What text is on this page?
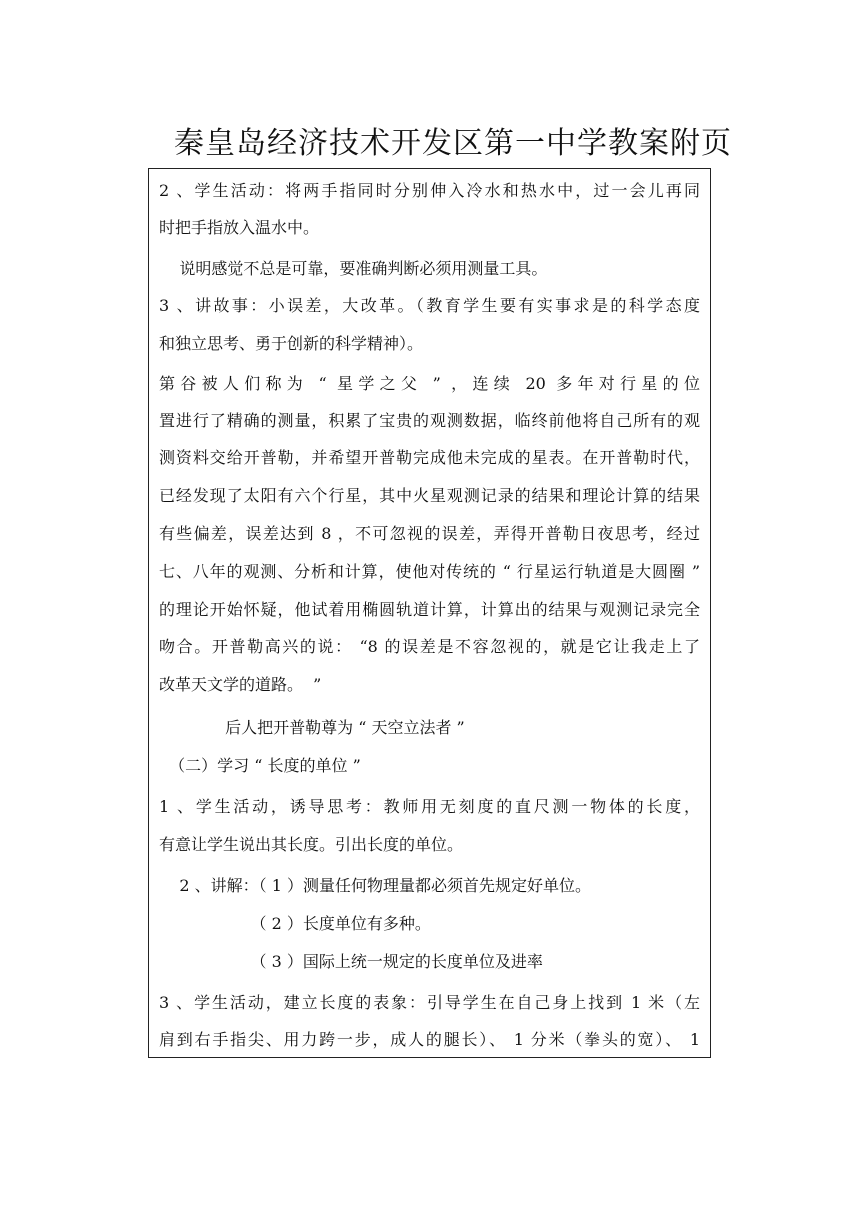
秦皇岛经济技术开发区第一中学教案附页
2 、学生活动：将两手指同时分别伸入冷水和热水中，过一会儿再同
时把手指放入温水中。
说明感觉不总是可靠，要准确判断必须用测量工具。
3 、讲故事：小误差，大改革。（教育学生要有实事求是的科学态度
和独立思考、勇于创新的科学精神）。
第谷被人们称为 “ 星学之父 ” ，连续 20 多年对行星的位
置进行了精确的测量，积累了宝贵的观测数据，临终前他将自己所有的观
测资料交给开普勒，并希望开普勒完成他未完成的星表。在开普勒时代，
已经发现了太阳有六个行星，其中火星观测记录的结果和理论计算的结果
有些偏差，误差达到 8 ，不可忽视的误差，弄得开普勒日夜思考，经过
七、八年的观测、分析和计算，使他对传统的 “ 行星运行轨道是大圆圈 ”
的理论开始怀疑，他试着用椭圆轨道计算，计算出的结果与观测记录完全
吻合。开普勒高兴的说： “8 的误差是不容忽视的，就是它让我走上了
改革天文学的道路。  ”
后人把开普勒尊为 “ 天空立法者 ”
（二）学习 “ 长度的单位 ”
1 、学生活动，诱导思考：教师用无刻度的直尺测一物体的长度，
有意让学生说出其长度。引出长度的单位。
2 、讲解：（ 1 ）测量任何物理量都必须首先规定好单位。
（ 2 ）长度单位有多种。
（ 3 ）国际上统一规定的长度单位及进率
3 、学生活动，建立长度的表象：引导学生在自己身上找到 1 米（左
肩到右手指尖、用力跨一步，成人的腿长）、 1 分米（拳头的宽）、 1
